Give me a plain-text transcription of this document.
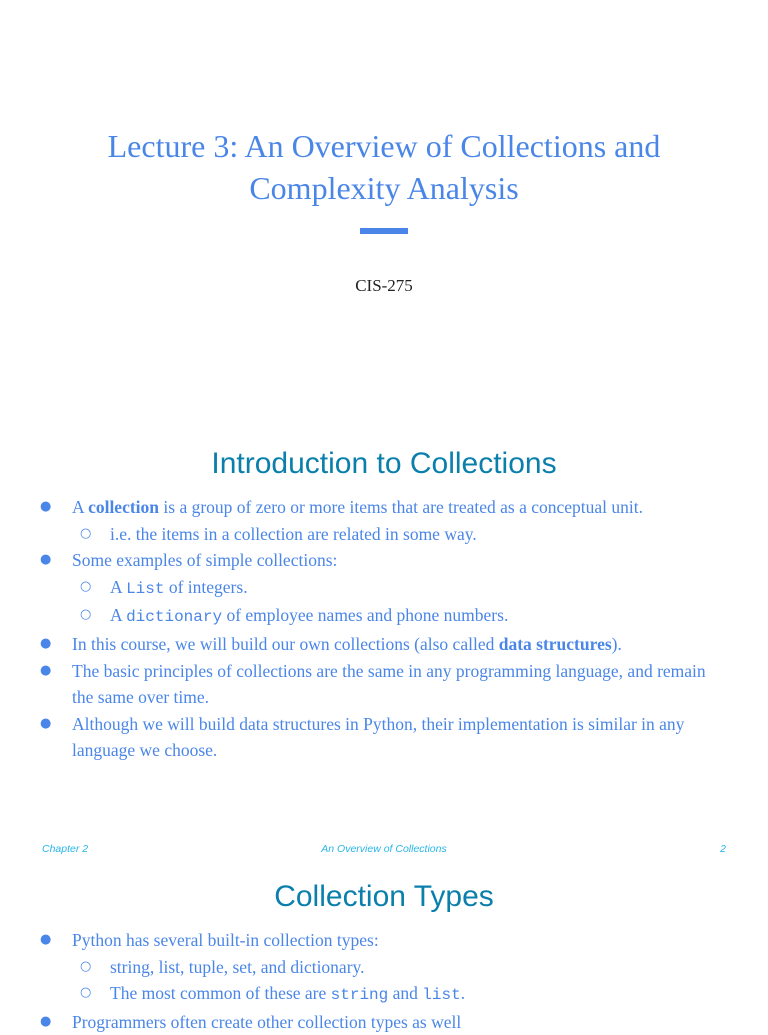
Lecture 3: An Overview of Collections and
Complexity Analysis
CIS-275
Introduction to Collections
● A collection is a group of zero or more items that are treated as a conceptual unit.
○ i.e. the items in a collection are related in some way.
● Some examples of simple collections:
○ A List of integers.
○ A dictionary of employee names and phone numbers.
● In this course, we will build our own collections (also called data structures).
● The basic principles of collections are the same in any programming language, and remain the same over time.
● Although we will build data structures in Python, their implementation is similar in any language we choose.
Chapter 2	An Overview of Collections	2
Collection Types
● Python has several built-in collection types:
○ string, list, tuple, set, and dictionary.
○ The most common of these are string and list.
● Programmers often create other collection types as well
